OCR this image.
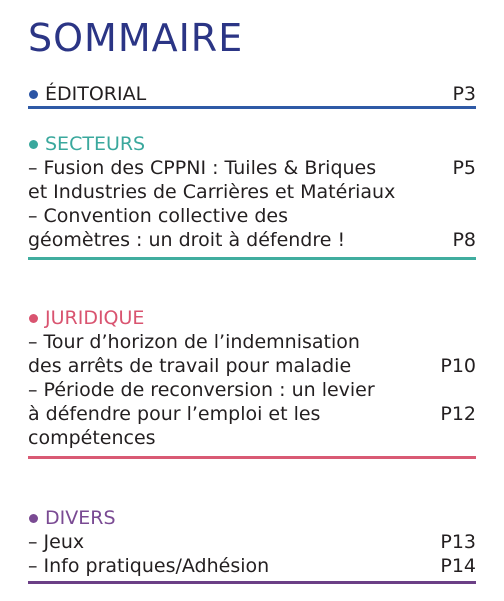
SOMMAIRE
ÉDITORIAL	P3
SECTEURS
– Fusion des CPPNI : Tuiles & Briques	P5
et Industries de Carrières et Matériaux
– Convention collective des
géomètres : un droit à défendre !	P8
JURIDIQUE
– Tour d’horizon de l’indemnisation
des arrêts de travail pour maladie	P10
– Période de reconversion : un levier
à défendre pour l’emploi et les	P12
compétences
DIVERS
– Jeux	P13
– Info pratiques/Adhésion	P14
